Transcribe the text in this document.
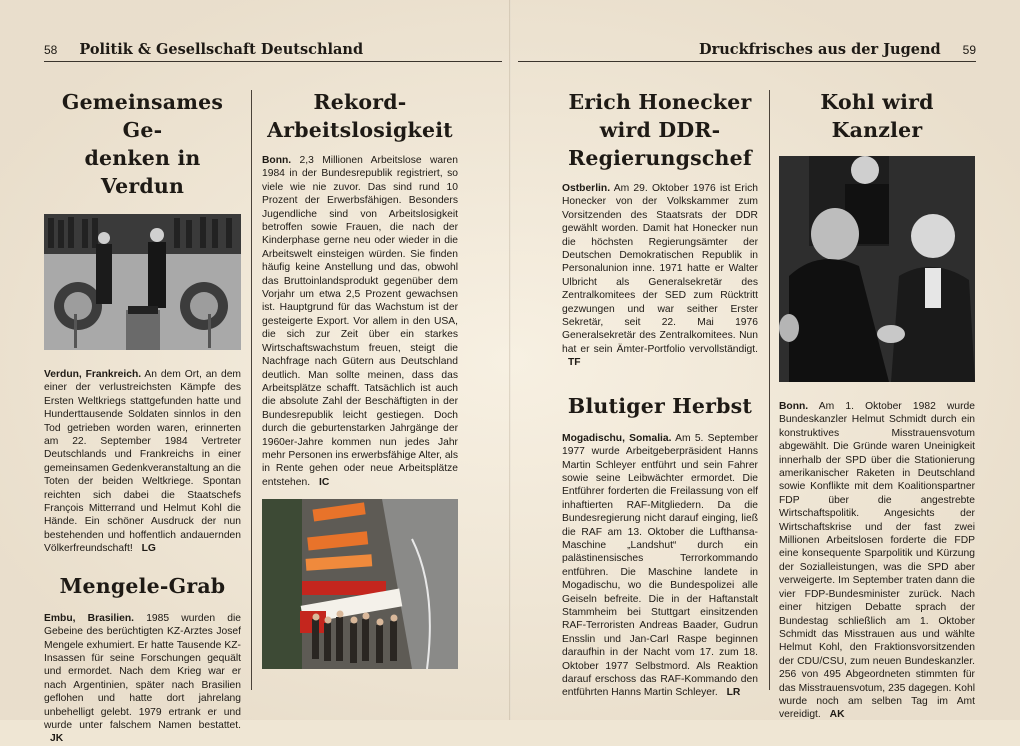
58 Politik & Gesellschaft Deutschland	Druckfrisches aus der Jugend 59
Gemeinsames Ge-
denken in Verdun

Verdun, Frankreich. An dem Ort, an dem einer der verlustreichsten Kämpfe des Ersten Weltkriegs stattgefunden hatte und Hunderttausende Soldaten sinnlos in den Tod getrieben worden waren, erinnerten am 22. September 1984 Vertreter Deutschlands und Frankreichs in einer gemeinsamen Gedenkveranstaltung an die Toten der beiden Weltkriege. Spontan reichten sich dabei die Staatschefs François Mitterrand und Helmut Kohl die Hände. Ein schöner Ausdruck der nun bestehenden und hoffentlich andauernden Völkerfreundschaft! LG

Mengele-Grab

Embu, Brasilien. 1985 wurden die Gebeine des berüchtigten KZ-Arztes Josef Mengele exhumiert. Er hatte Tausende KZ-Insassen für seine Forschungen gequält und ermordet. Nach dem Krieg war er nach Argentinien, später nach Brasilien geflohen und hatte dort jahrelang unbehelligt gelebt. 1979 ertrank er und wurde unter falschem Namen bestattet. JK

Rekord-
Arbeitslosigkeit

Bonn. 2,3 Millionen Arbeitslose waren 1984 in der Bundesrepublik registriert, so viele wie nie zuvor. Das sind rund 10 Prozent der Erwerbsfähigen. Besonders Jugendliche sind von Arbeitslosigkeit betroffen sowie Frauen, die nach der Kinderphase gerne neu oder wieder in die Arbeitswelt einsteigen würden. Sie finden häufig keine Anstellung und das, obwohl das Bruttoinlandsprodukt gegenüber dem Vorjahr um etwa 2,5 Prozent gewachsen ist. Hauptgrund für das Wachstum ist der gesteigerte Export. Vor allem in den USA, die sich zur Zeit über ein starkes Wirtschaftswachstum freuen, steigt die Nachfrage nach Gütern aus Deutschland deutlich. Man sollte meinen, dass das Arbeitsplätze schafft. Tatsächlich ist auch die absolute Zahl der Beschäftigten in der Bundesrepublik leicht gestiegen. Doch durch die geburtenstarken Jahrgänge der 1960er-Jahre kommen nun jedes Jahr mehr Personen ins erwerbsfähige Alter, als in Rente gehen oder neue Arbeitsplätze entstehen. IC

Erich Honecker
wird DDR-
Regierungschef

Ostberlin. Am 29. Oktober 1976 ist Erich Honecker von der Volkskammer zum Vorsitzenden des Staatsrats der DDR gewählt worden. Damit hat Honecker nun die höchsten Regierungsämter der Deutschen Demokratischen Republik in Personalunion inne. 1971 hatte er Walter Ulbricht als Generalsekretär des Zentralkomitees der SED zum Rücktritt gezwungen und war seither Erster Sekretär, seit 22. Mai 1976 Generalsekretär des Zentralkomitees. Nun hat er sein Ämter-Portfolio vervollständigt. TF

Blutiger Herbst

Mogadischu, Somalia. Am 5. September 1977 wurde Arbeitgeberpräsident Hanns Martin Schleyer entführt und sein Fahrer sowie seine Leibwächter ermordet. Die Entführer forderten die Freilassung von elf inhaftierten RAF-Mitgliedern. Da die Bundesregierung nicht darauf einging, ließ die RAF am 13. Oktober die Lufthansa-Maschine „Landshut“ durch ein palästinensisches Terrorkommando entführen. Die Maschine landete in Mogadischu, wo die Bundespolizei alle Geiseln befreite. Die in der Haftanstalt Stammheim bei Stuttgart einsitzenden RAF-Terroristen Andreas Baader, Gudrun Ensslin und Jan-Carl Raspe beginnen daraufhin in der Nacht vom 17. zum 18. Oktober 1977 Selbstmord. Als Reaktion darauf erschoss das RAF-Kommando den entführten Hanns Martin Schleyer. LR

Kohl wird Kanzler

Bonn. Am 1. Oktober 1982 wurde Bundeskanzler Helmut Schmidt durch ein konstruktives Misstrauensvotum abgewählt. Die Gründe waren Uneinigkeit innerhalb der SPD über die Stationierung amerikanischer Raketen in Deutschland sowie Konflikte mit dem Koalitionspartner FDP über die angestrebte Wirtschaftspolitik. Angesichts der Wirtschaftskrise und der fast zwei Millionen Arbeitslosen forderte die FDP eine konsequente Sparpolitik und Kürzung der Sozialleistungen, was die SPD aber verweigerte. Im September traten dann die vier FDP-Bundesminister zurück. Nach einer hitzigen Debatte sprach der Bundestag schließlich am 1. Oktober Schmidt das Misstrauen aus und wählte Helmut Kohl, den Fraktionsvorsitzenden der CDU/CSU, zum neuen Bundeskanzler. 256 von 495 Abgeordneten stimmten für das Misstrauensvotum, 235 dagegen. Kohl wurde noch am selben Tag im Amt vereidigt. AK
